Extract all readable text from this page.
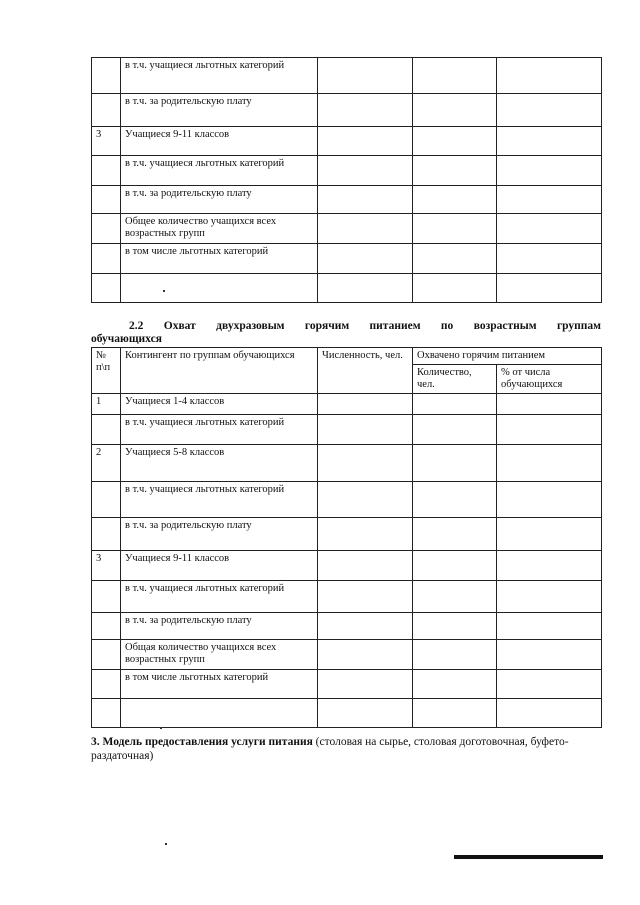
	в т.ч. учащиеся льготных категорий			

	в т.ч. за родительскую плату			
3	Учащиеся 9-11 классов			

	в т.ч. учащиеся льготных категорий			

	в т.ч. за родительскую плату			

	Общее количество учащихся всех возрастных групп			

	в том числе льготных категорий			

2.2 Охват двухразовым горячим питанием по возрастным группам
обучающихся
№ п\п	Контингент по группам обучающихся	Численность, чел.	Охвачено горячим питанием	
			Количество, чел.	% от числа обучающихся

1	Учащиеся 1-4 классов			

	в т.ч. учащиеся льготных категорий			

2	Учащиеся 5-8 классов			

	в т.ч. учащиеся льготных категорий			

	в т.ч. за родительскую плату			
3	Учащиеся 9-11 классов			

	в т.ч. учащиеся льготных категорий			

	в т.ч. за родительскую плату			

	Общая количество учащихся всех возрастных групп			

	в том числе льготных категорий			

3. Модель предоставления услуги питания (столовая на сырье, столовая доготовочная, буфето-раздаточная)
